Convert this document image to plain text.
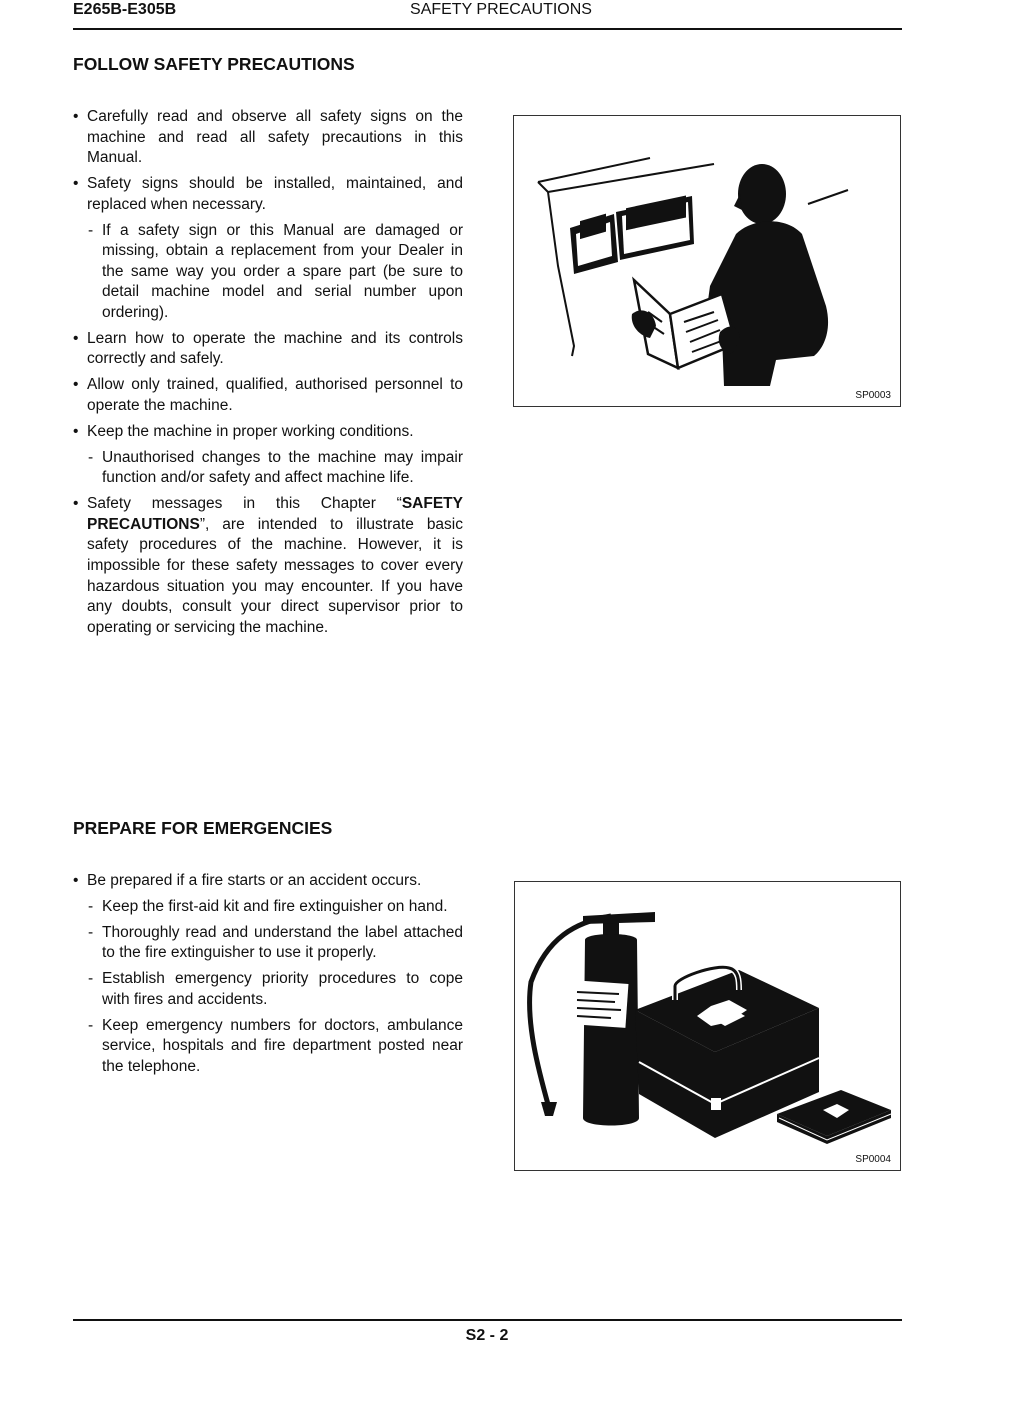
E265B-E305B	SAFETY PRECAUTIONS
FOLLOW SAFETY PRECAUTIONS
• Carefully read and observe all safety signs on the machine and read all safety precautions in this Manual.
• Safety signs should be installed, maintained, and replaced when necessary.
- If a safety sign or this Manual are damaged or missing, obtain a replacement from your Dealer in the same way you order a spare part (be sure to detail machine model and serial number upon ordering).
• Learn how to operate the machine and its controls correctly and safely.
• Allow only trained, qualified, authorised personnel to operate the machine.
• Keep the machine in proper working conditions.
- Unauthorised changes to the machine may impair function and/or safety and affect machine life.
• Safety messages in this Chapter “SAFETY PRECAUTIONS”, are intended to illustrate basic safety procedures of the machine. However, it is impossible for these safety messages to cover every hazardous situation you may encounter. If you have any doubts, consult your direct supervisor prior to operating or servicing the machine.
SP0003
PREPARE FOR EMERGENCIES
• Be prepared if a fire starts or an accident occurs.
- Keep the first-aid kit and fire extinguisher on hand.
- Thoroughly read and understand the label attached to the fire extinguisher to use it properly.
- Establish emergency priority procedures to cope with fires and accidents.
- Keep emergency numbers for doctors, ambulance service, hospitals and fire department posted near the telephone.
SP0004
S2 - 2
